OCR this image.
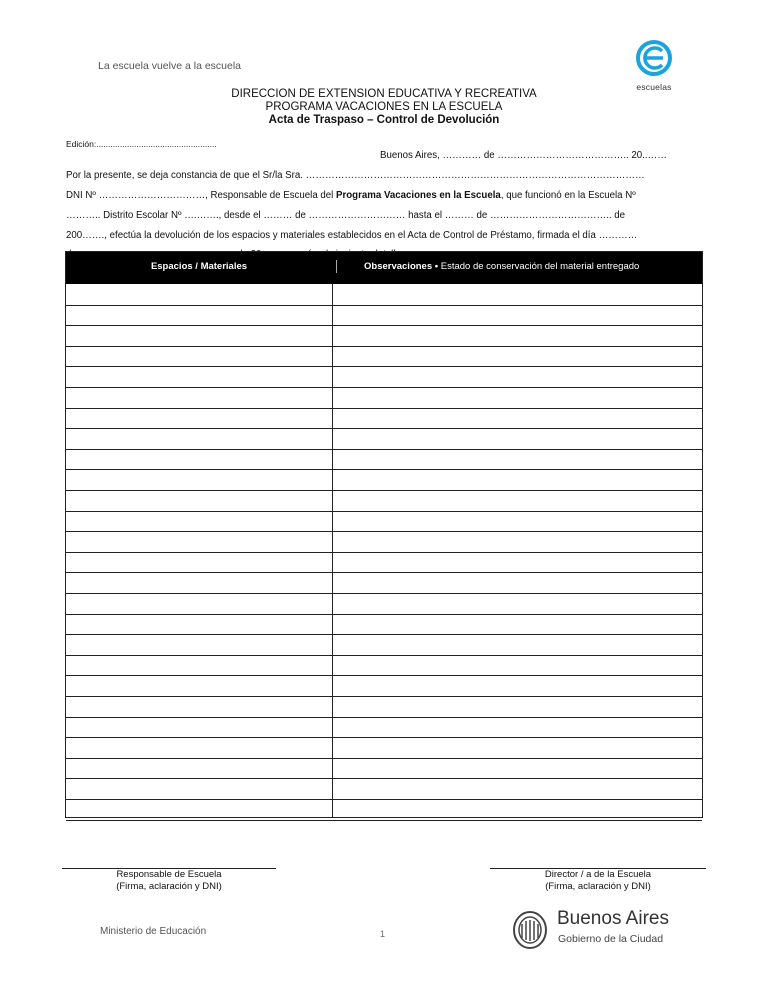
La escuela vuelve a la escuela
escuelas
DIRECCION DE EXTENSION EDUCATIVA Y RECREATIVA
PROGRAMA VACACIONES EN LA ESCUELA
Acta de Traspaso – Control de Devolución
Edición:...................................................
Buenos Aires, ………… de ………………………………….. 20..……
Por la presente, se deja constancia de que el Sr/la Sra. ……………………………………………………………………………………………
DNI Nº ……………………………, Responsable de Escuela del Programa Vacaciones en la Escuela, que funcionó en la Escuela Nº
……….. Distrito Escolar Nº ….……., desde el ……… de ………………………… hasta el ……… de ……………………………….. de
200……., efectúa la devolución de los espacios y materiales establecidos en el Acta de Control de Préstamo, firmada el día …………
Espacios / Materiales	Observaciones • Estado de conservación del material entregado
Responsable de Escuela
(Firma, aclaración y DNI)
Director / a de la Escuela
(Firma, aclaración y DNI)
Ministerio de Educación	1
Buenos Aires
Gobierno de la Ciudad
